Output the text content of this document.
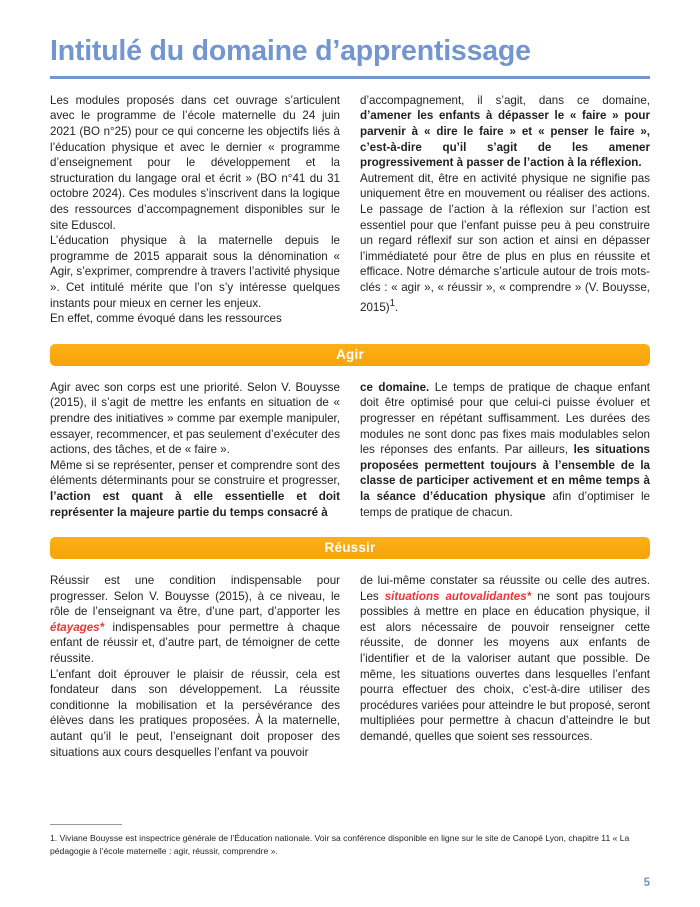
Intitulé du domaine d’apprentissage

Les modules proposés dans cet ouvrage s’articulent avec le programme de l’école maternelle du 24 juin 2021 (BO n°25) pour ce qui concerne les objectifs liés à l’éducation physique et avec le dernier « programme d’enseignement pour le développement et la structuration du langage oral et écrit » (BO n°41 du 31 octobre 2024). Ces modules s’inscrivent dans la logique des ressources d’accompagnement disponibles sur le site Eduscol.

L’éducation physique à la maternelle depuis le programme de 2015 apparait sous la dénomination « Agir, s’exprimer, comprendre à travers l’activité physique ». Cet intitulé mérite que l’on s’y intéresse quelques instants pour mieux en cerner les enjeux.

En effet, comme évoqué dans les ressources

d’accompagnement, il s’agit, dans ce domaine, d’amener les enfants à dépasser le « faire » pour parvenir à « dire le faire » et « penser le faire », c’est-à-dire qu’il s’agit de les amener progressivement à passer de l’action à la réflexion.

Autrement dit, être en activité physique ne signifie pas uniquement être en mouvement ou réaliser des actions. Le passage de l’action à la réflexion sur l’action est essentiel pour que l’enfant puisse peu à peu construire un regard réflexif sur son action et ainsi en dépasser l’immédiateté pour être de plus en plus en réussite et efficace. Notre démarche s’articule autour de trois mots-clés : « agir », « réussir », « comprendre » (V. Bouysse, 2015)$^1$.

Agir

Agir avec son corps est une priorité. Selon V. Bouysse (2015), il s’agit de mettre les enfants en situation de « prendre des initiatives » comme par exemple manipuler, essayer, recommencer, et pas seulement d’exécuter des actions, des tâches, et de « faire ».

Même si se représenter, penser et comprendre sont des éléments déterminants pour se construire et progresser, l’action est quant à elle essentielle et doit représenter la majeure partie du temps consacré à

ce domaine. Le temps de pratique de chaque enfant doit être optimisé pour que celui-ci puisse évoluer et progresser en répétant suffisamment. Les durées des modules ne sont donc pas fixes mais modulables selon les réponses des enfants. Par ailleurs, les situations proposées permettent toujours à l’ensemble de la classe de participer activement et en même temps à la séance d’éducation physique afin d’optimiser le temps de pratique de chacun.

Réussir

Réussir est une condition indispensable pour progresser. Selon V. Bouysse (2015), à ce niveau, le rôle de l’enseignant va être, d’une part, d’apporter les étayages* indispensables pour permettre à chaque enfant de réussir et, d’autre part, de témoigner de cette réussite.

L’enfant doit éprouver le plaisir de réussir, cela est fondateur dans son développement. La réussite conditionne la mobilisation et la persévérance des élèves dans les pratiques proposées. À la maternelle, autant qu’il le peut, l’enseignant doit proposer des situations aux cours desquelles l’enfant va pouvoir

de lui-même constater sa réussite ou celle des autres. Les situations autovalidantes* ne sont pas toujours possibles à mettre en place en éducation physique, il est alors nécessaire de pouvoir renseigner cette réussite, de donner les moyens aux enfants de l’identifier et de la valoriser autant que possible. De même, les situations ouvertes dans lesquelles l’enfant pourra effectuer des choix, c’est-à-dire utiliser des procédures variées pour atteindre le but proposé, seront multipliées pour permettre à chacun d’atteindre le but demandé, quelles que soient ses ressources.

1. Viviane Bouysse est inspectrice générale de l’Éducation nationale. Voir sa conférence disponible en ligne sur le site de Canopé Lyon, chapitre 11 « La pédagogie à l’école maternelle : agir, réussir, comprendre ».

5
